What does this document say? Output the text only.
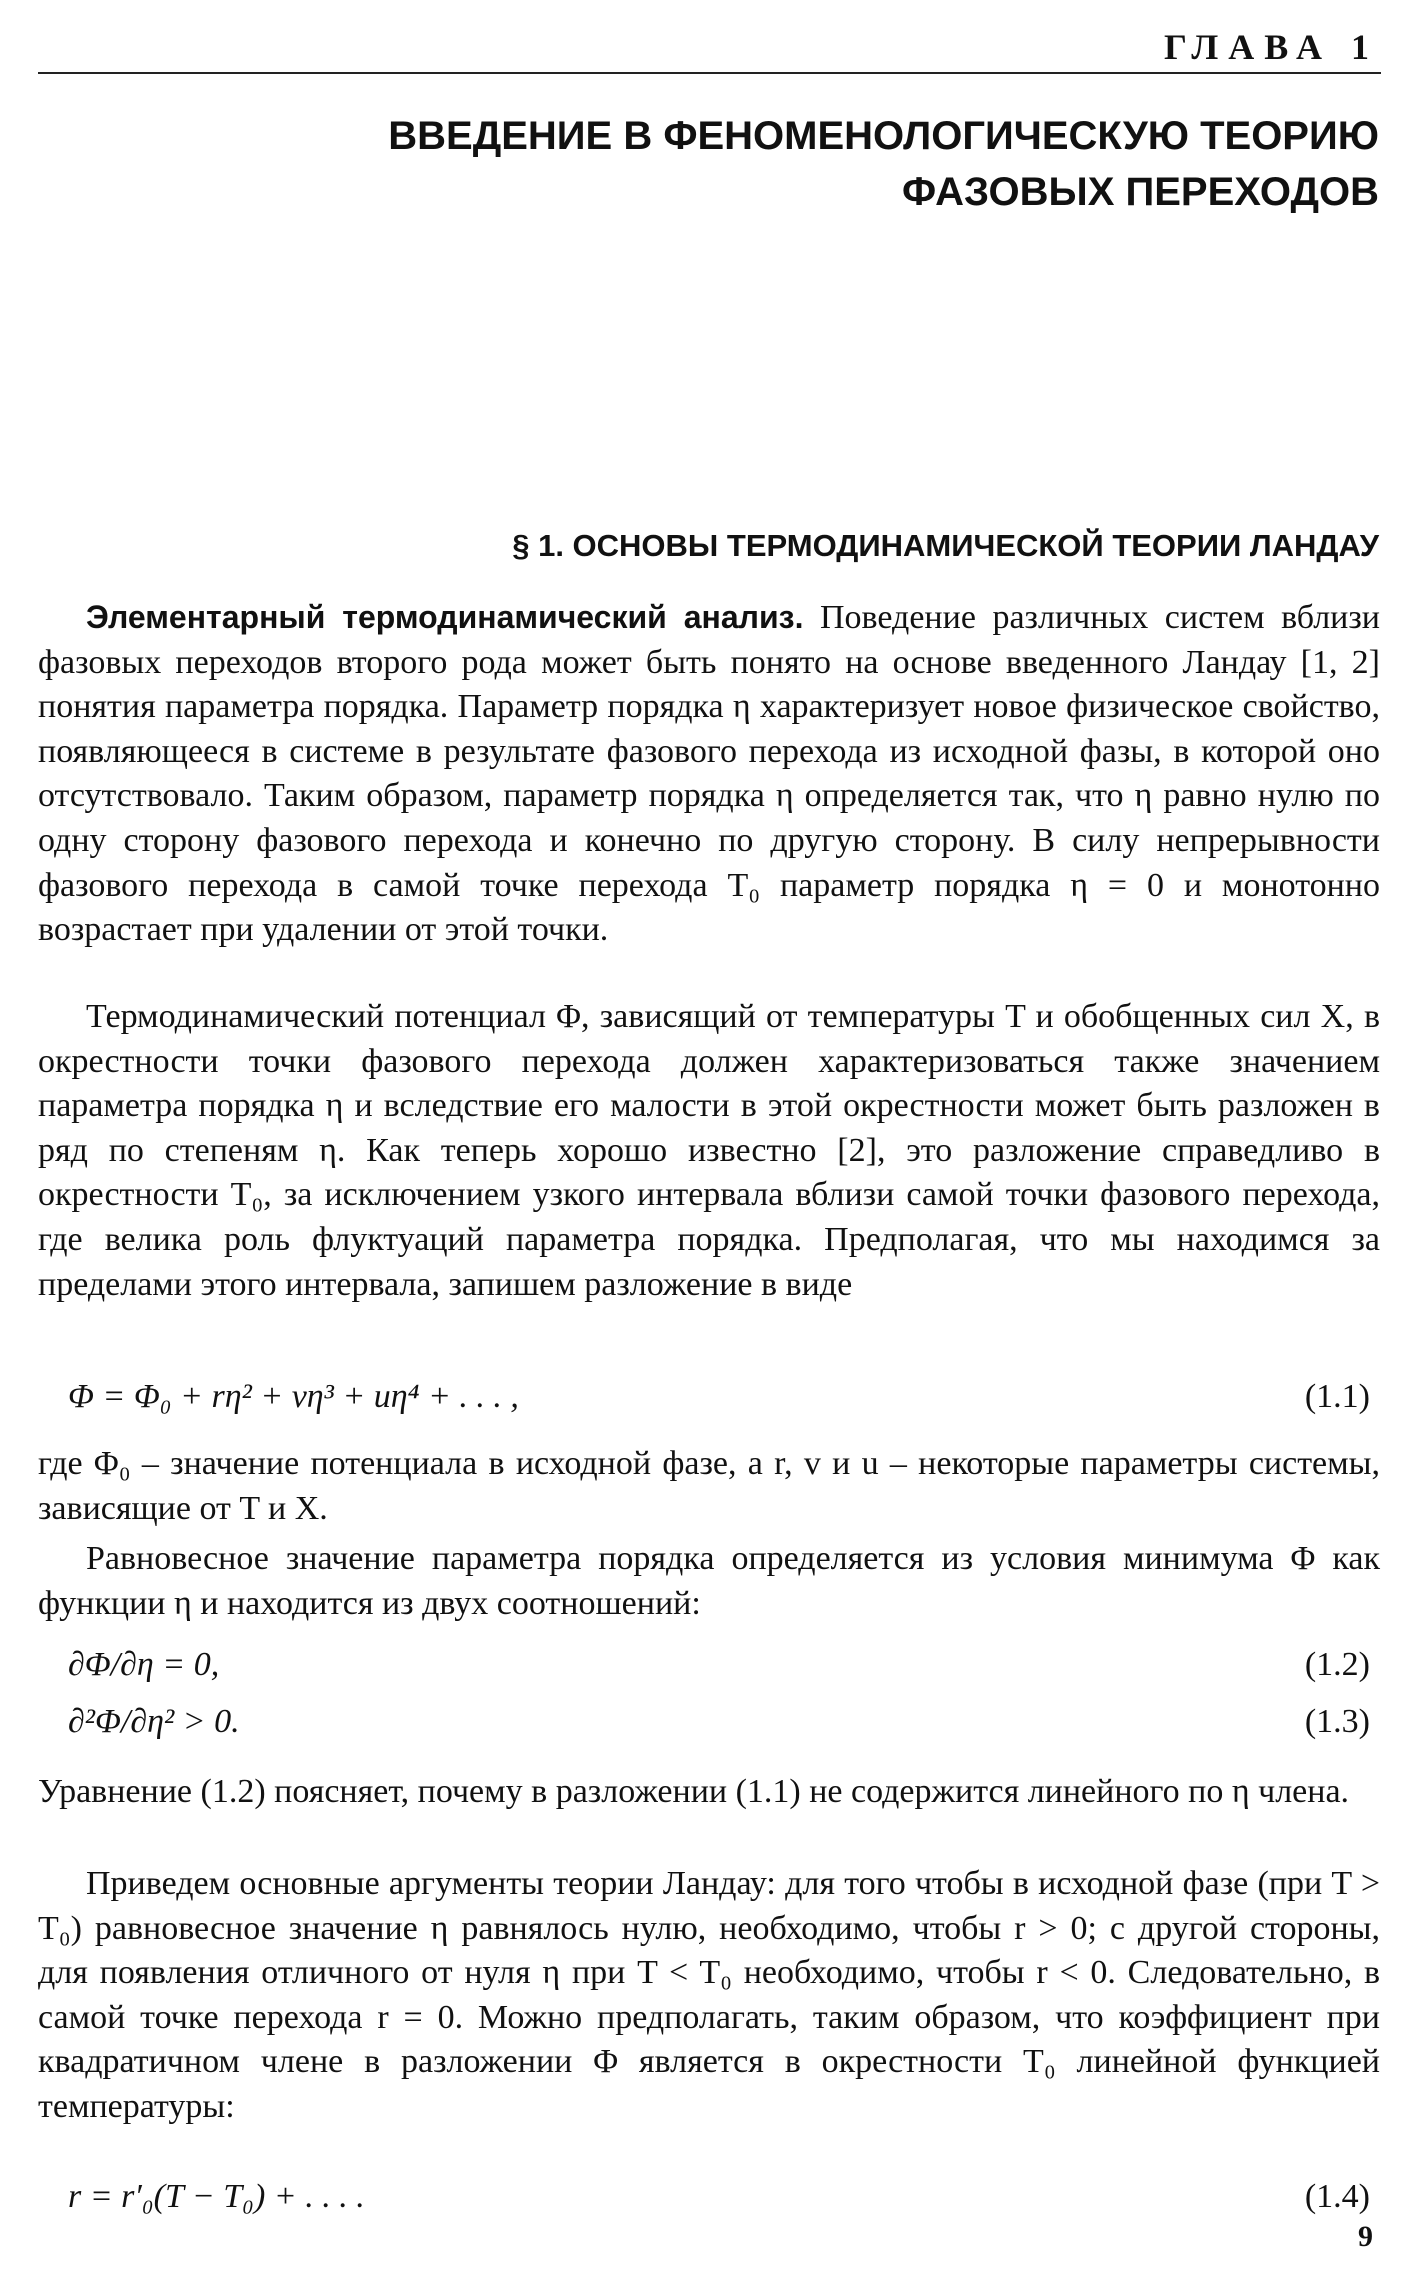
ГЛАВА 1
ВВЕДЕНИЕ В ФЕНОМЕНОЛОГИЧЕСКУЮ ТЕОРИЮ
ФАЗОВЫХ ПЕРЕХОДОВ
§ 1. ОСНОВЫ ТЕРМОДИНАМИЧЕСКОЙ ТЕОРИИ ЛАНДАУ
Элементарный термодинамический анализ. Поведение различных систем вблизи фазовых переходов второго рода может быть понято на основе введенного Ландау [1, 2] понятия параметра порядка. Параметр порядка η характеризует новое физическое свойство, появляющееся в системе в результате фазового перехода из исходной фазы, в которой оно отсутствовало. Таким образом, параметр порядка η определяется так, что η равно нулю по одну сторону фазового перехода и конечно по другую сторону. В силу непрерывности фазового перехода в самой точке перехода T₀ параметр порядка η = 0 и монотонно возрастает при удалении от этой точки.
Термодинамический потенциал Φ, зависящий от температуры T и обобщенных сил X, в окрестности точки фазового перехода должен характеризоваться также значением параметра порядка η и вследствие его малости в этой окрестности может быть разложен в ряд по степеням η. Как теперь хорошо известно [2], это разложение справедливо в окрестности T₀, за исключением узкого интервала вблизи самой точки фазового перехода, где велика роль флуктуаций параметра порядка. Предполагая, что мы находимся за пределами этого интервала, запишем разложение в виде
Φ = Φ₀ + rη² + vη³ + uη⁴ + . . . ,	(1.1)
где Φ₀ – значение потенциала в исходной фазе, а r, v и u – некоторые параметры системы, зависящие от T и X.
Равновесное значение параметра порядка определяется из условия минимума Φ как функции η и находится из двух соотношений:
∂Φ/∂η = 0,	(1.2)
∂²Φ/∂η² > 0.	(1.3)
Уравнение (1.2) поясняет, почему в разложении (1.1) не содержится линейного по η члена.
Приведем основные аргументы теории Ландау: для того чтобы в исходной фазе (при T > T₀) равновесное значение η равнялось нулю, необходимо, чтобы r > 0; с другой стороны, для появления отличного от нуля η при T < T₀ необходимо, чтобы r < 0. Следовательно, в самой точке перехода r = 0. Можно предполагать, таким образом, что коэффициент при квадратичном члене в разложении Φ является в окрестности T₀ линейной функцией температуры:
r = r′₀(T − T₀) + . . . .	(1.4)
9
